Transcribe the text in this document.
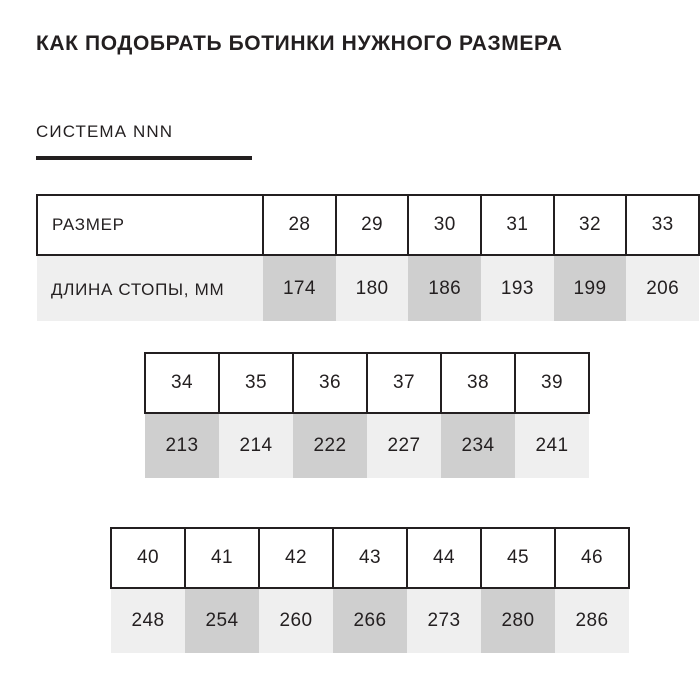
КАК ПОДОБРАТЬ БОТИНКИ НУЖНОГО РАЗМЕРА
СИСТЕМА NNN
РАЗМЕР	28	29	30	31	32	33
ДЛИНА СТОПЫ, ММ	174	180	186	193	199	206
34	35	36	37	38	39
213	214	222	227	234	241
40	41	42	43	44	45	46
248	254	260	266	273	280	286
